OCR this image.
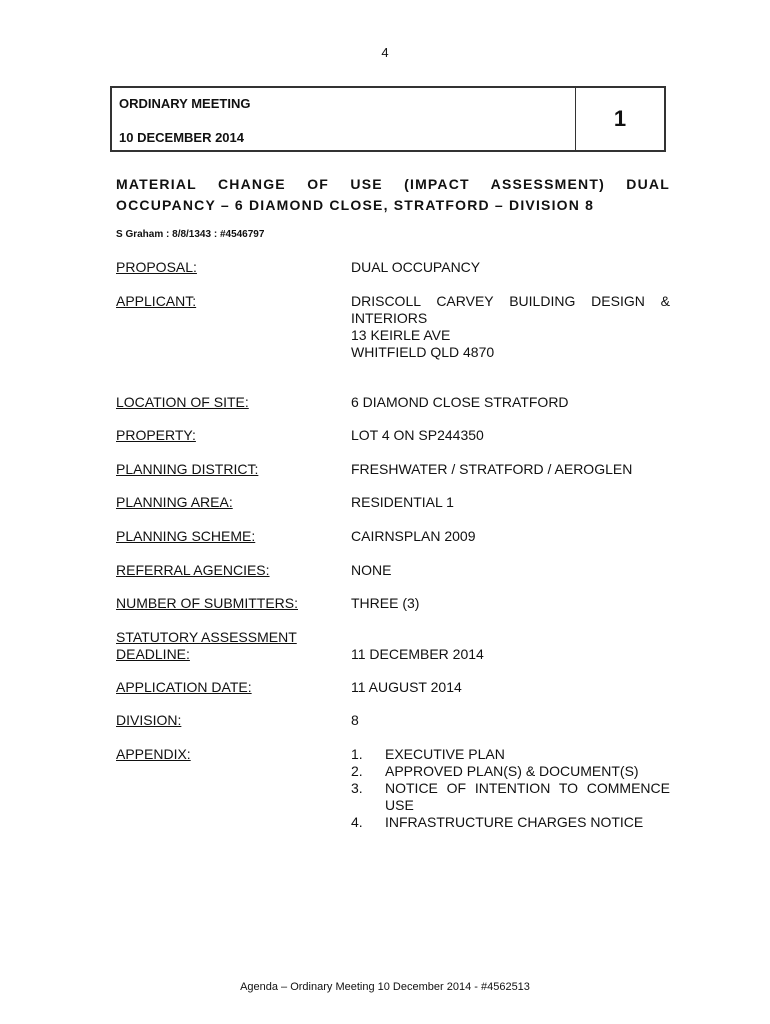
4
ORDINARY MEETING
10 DECEMBER 2014
1
MATERIAL CHANGE OF USE (IMPACT ASSESSMENT) DUAL OCCUPANCY – 6 DIAMOND CLOSE, STRATFORD – DIVISION 8
S Graham : 8/8/1343 : #4546797
PROPOSAL:	DUAL OCCUPANCY
APPLICANT:	DRISCOLL CARVEY BUILDING DESIGN & INTERIORS
13 KEIRLE AVE
WHITFIELD QLD 4870
LOCATION OF SITE:	6 DIAMOND CLOSE STRATFORD
PROPERTY:	LOT 4 ON SP244350
PLANNING DISTRICT:	FRESHWATER / STRATFORD / AEROGLEN
PLANNING AREA:	RESIDENTIAL 1
PLANNING SCHEME:	CAIRNSPLAN 2009
REFERRAL AGENCIES:	NONE
NUMBER OF SUBMITTERS:	THREE (3)
STATUTORY ASSESSMENT
DEADLINE:	11 DECEMBER 2014
APPLICATION DATE:	11 AUGUST 2014
DIVISION:	8
APPENDIX:	1. EXECUTIVE PLAN
2. APPROVED PLAN(S) & DOCUMENT(S)
3. NOTICE OF INTENTION TO COMMENCE USE
4. INFRASTRUCTURE CHARGES NOTICE
Agenda – Ordinary Meeting 10 December 2014 - #4562513
